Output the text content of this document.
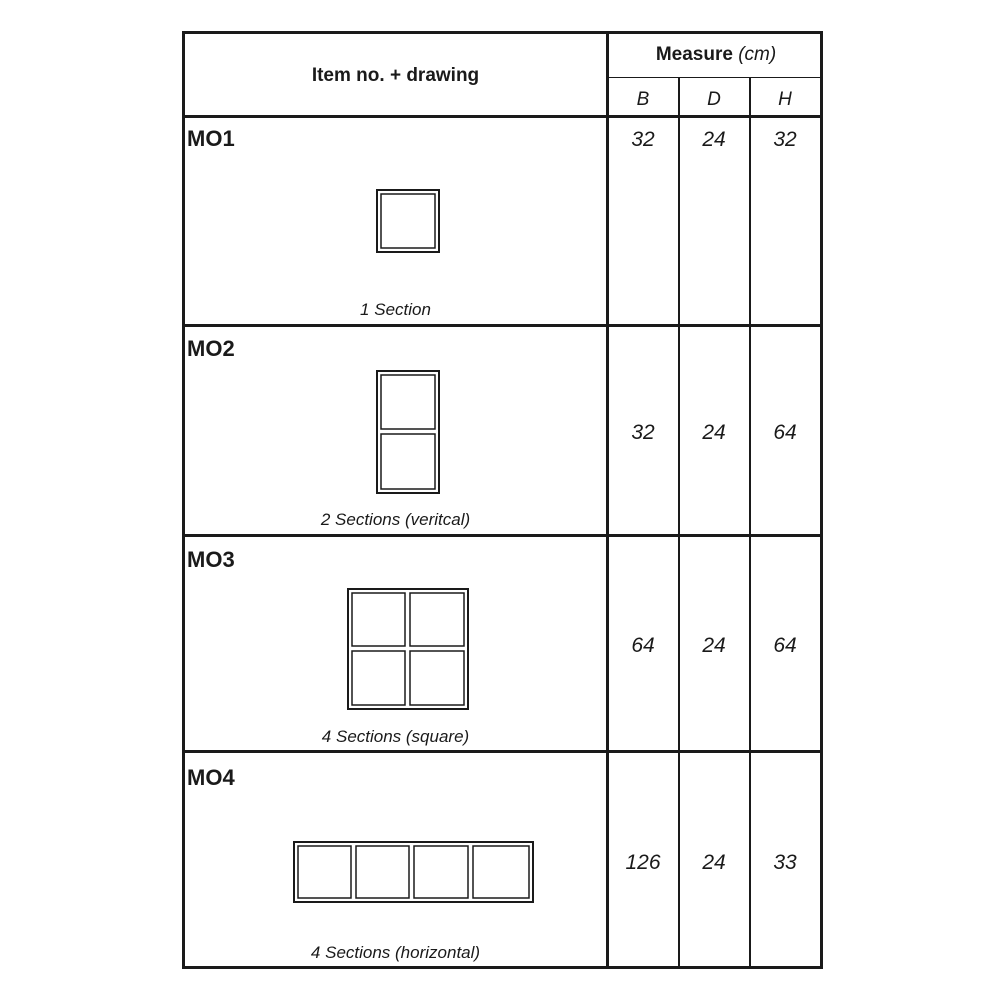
Item no. + drawing
Measure (cm)
B	D	H
MO1
1 Section
32	24	32
MO2
2 Sections (veritcal)
32	24	64
MO3
4 Sections (square)
64	24	64
MO4
4 Sections (horizontal)
126	24	33
